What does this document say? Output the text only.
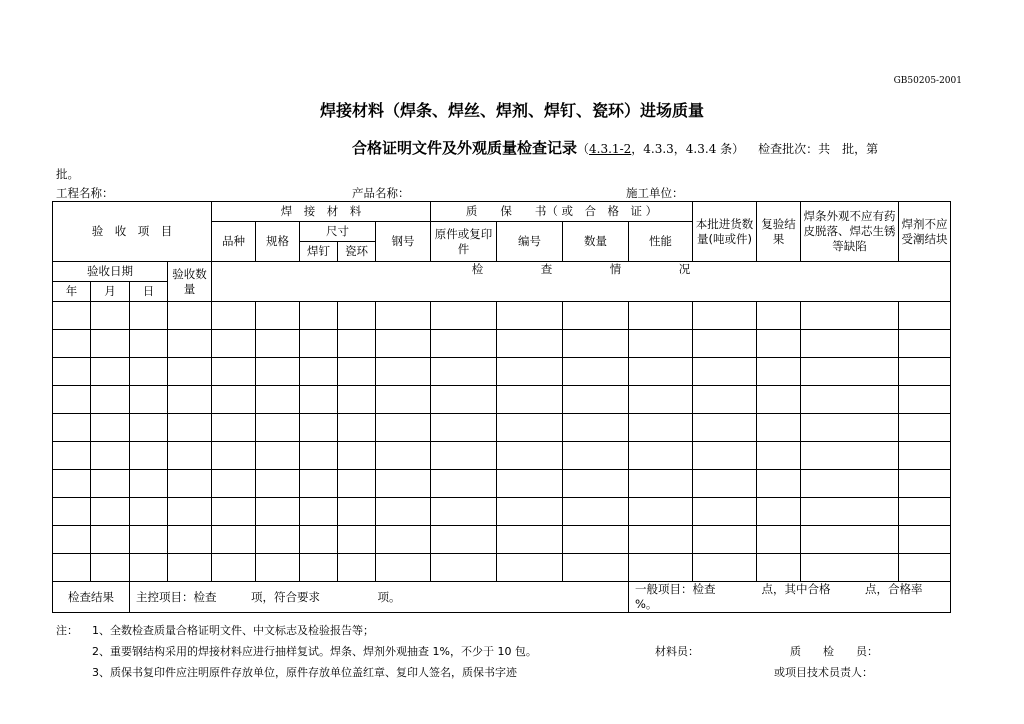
GB50205-2001
焊接材料（焊条、焊丝、焊剂、焊钉、瓷环）进场质量
合格证明文件及外观质量检查记录（4.3.1-2，4.3.3，4.3.4 条） 检查批次：共　批，第
批。
工程名称：	产品名称：	施工单位：
验　收　项　目				焊　接　材　料					质　　保　　书（ 或　合　格　证 ）				本批进货数量(吨或件)	复验结果	焊条外观不应有药皮脱落、焊芯生锈等缺陷	焊剂不应受潮结块
				品种	规格	尺寸		钢号	原件或复印件	编号	数量	性能				
						焊钉	瓷环									
验收日期			验收数量	检　　　　　查　　　　　情　　　　　况												
年	月	日														

检查结果		主控项目：检查　　　项，符合要求　　　　　项。										一般项目：检查　　　　点，其中合格　　　点，合格率　　　%。				
注： 1、全数检查质量合格证明文件、中文标志及检验报告等；
2、重要钢结构采用的焊接材料应进行抽样复试。焊条、焊剂外观抽查 1%，不少于 10 包。	材料员：	质　　检　　员：
3、质保书复印件应注明原件存放单位，原件存放单位盖红章、复印人签名，质保书字迹	或项目技术员责人：
